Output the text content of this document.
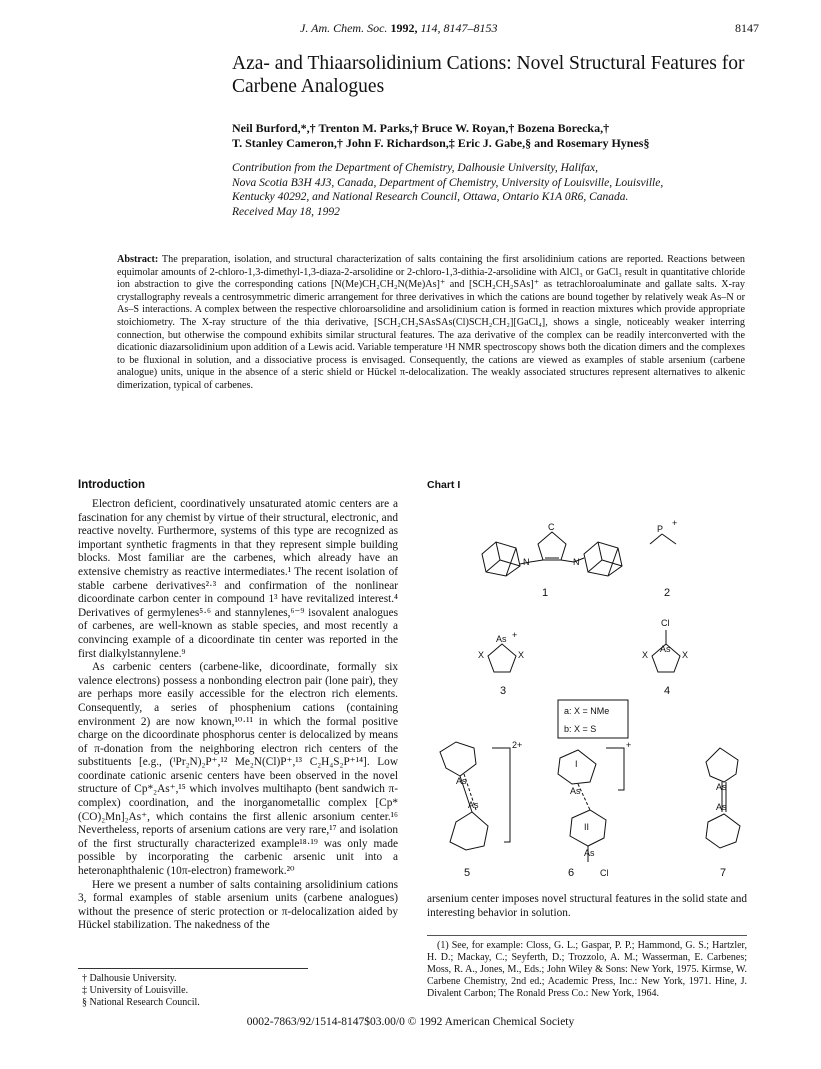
J. Am. Chem. Soc. 1992, 114, 8147–8153	8147
Aza- and Thiaarsolidinium Cations: Novel Structural Features for Carbene Analogues
Neil Burford,*,† Trenton M. Parks,† Bruce W. Royan,† Bozena Borecka,†
T. Stanley Cameron,† John F. Richardson,‡ Eric J. Gabe,§ and Rosemary Hynes§
Contribution from the Department of Chemistry, Dalhousie University, Halifax,
Nova Scotia B3H 4J3, Canada, Department of Chemistry, University of Louisville, Louisville,
Kentucky 40292, and National Research Council, Ottawa, Ontario K1A 0R6, Canada.
Received May 18, 1992
Abstract: The preparation, isolation, and structural characterization of salts containing the first arsolidinium cations are reported. Reactions between equimolar amounts of 2-chloro-1,3-dimethyl-1,3-diaza-2-arsolidine or 2-chloro-1,3-dithia-2-arsolidine with AlCl₃ or GaCl₃ result in quantitative chloride ion abstraction to give the corresponding cations [N(Me)CH₂CH₂N(Me)As]⁺ and [SCH₂CH₂SAs]⁺ as tetrachloroaluminate and gallate salts. X-ray crystallography reveals a centrosymmetric dimeric arrangement for three derivatives in which the cations are bound together by relatively weak As–N or As–S interactions. A complex between the respective chloroarsolidine and arsolidinium cation is formed in reaction mixtures which provide appropriate stoichiometry. The X-ray structure of the thia derivative, [SCH₂CH₂SAsSAs(Cl)SCH₂CH₂][GaCl₄], shows a single, noticeably weaker interring connection, but otherwise the compound exhibits similar structural features. The aza derivative of the complex can be readily interconverted with the dicationic diazarsolidinium upon addition of a Lewis acid. Variable temperature ¹H NMR spectroscopy shows both the dication dimers and the complexes to be fluxional in solution, and a dissociative process is envisaged. Consequently, the cations are viewed as examples of stable arsenium (carbene analogue) units, unique in the absence of a steric shield or Hückel π-delocalization. The weakly associated structures represent alternatives to alkenic dimerization, typical of carbenes.
Introduction

Electron deficient, coordinatively unsaturated atomic centers are a fascination for any chemist by virtue of their structural, electronic, and reactive novelty. Furthermore, systems of this type are recognized as important synthetic fragments in that they represent simple building blocks. Most familiar are the carbenes, which already have an extensive chemistry as reactive intermediates.¹ The recent isolation of stable carbene derivatives²·³ and confirmation of the nonlinear dicoordinate carbon center in compound 1³ have revitalized interest.⁴ Derivatives of germylenes⁵·⁶ and stannylenes,⁶⁻⁹ isovalent analogues of carbenes, are well-known as stable species, and most recently a convincing example of a dicoordinate tin center was reported in the first dialkylstannylene.⁹

As carbenic centers (carbene-like, dicoordinate, formally six valence electrons) possess a nonbonding electron pair (lone pair), they are perhaps more easily accessible for the electron rich elements. Consequently, a series of phosphenium cations (containing environment 2) are now known,¹⁰·¹¹ in which the formal positive charge on the dicoordinate phosphorus center is delocalized by means of π-donation from the neighboring electron rich centers of the substituents [e.g., (ⁱPr₂N)₂P⁺,¹² Me₂N(Cl)P⁺,¹³ C₂H₄S₂P⁺¹⁴]. Low coordinate cationic arsenic centers have been observed in the novel structure of Cp*₂As⁺,¹⁵ which involves multihapto (bent sandwich π-complex) coordination, and the inorganometallic complex [Cp*(CO)₂Mn]₂As⁺, which contains the first allenic arsonium center.¹⁶ Nevertheless, reports of arsenium cations are very rare,¹⁷ and isolation of the first structurally characterized example¹⁸·¹⁹ was only made possible by incorporating the carbenic arsenic unit into a heteronaphthalenic (10π-electron) framework.²⁰

Here we present a number of salts containing arsolidinium cations 3, formal examples of stable arsenium units (carbene analogues) without the presence of steric protection or π-delocalization aided by Hückel stabilization. The nakedness of the

† Dalhousie University.
‡ University of Louisville.
§ National Research Council.
Chart I
C
N	N
P
+
As +
X	X
As
Cl
X	X
a: X = NMe
b: X = S
2+	+
As
As
I
As
II
As
Cl
As
As
1	2
3	4
5	6	7
arsenium center imposes novel structural features in the solid state and interesting behavior in solution.

(1) See, for example: Closs, G. L.; Gaspar, P. P.; Hammond, G. S.; Hartzler, H. D.; Mackay, C.; Seyferth, D.; Trozzolo, A. M.; Wasserman, E. Carbenes; Moss, R. A., Jones, M., Eds.; John Wiley & Sons: New York, 1975. Kirmse, W. Carbene Chemistry, 2nd ed.; Academic Press, Inc.: New York, 1971. Hine, J. Divalent Carbon; The Ronald Press Co.: New York, 1964.

0002-7863/92/1514-8147$03.00/0 © 1992 American Chemical Society
